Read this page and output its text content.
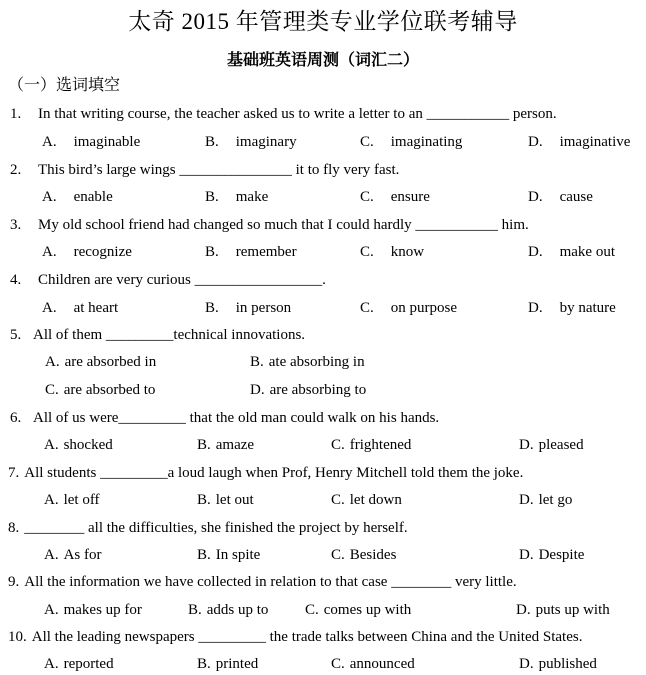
太奇 2015 年管理类专业学位联考辅导
基础班英语周测（词汇二）
（一）选词填空
1. In that writing course, the teacher asked us to write a letter to an ___________ person.
A. imaginable	B. imaginary	C. imaginating	D. imaginative
2. This bird’s large wings _______________ it to fly very fast.
A. enable	B. make	C. ensure	D. cause
3. My old school friend had changed so much that I could hardly ___________ him.
A. recognize	B. remember	C. know	D. make out
4. Children are very curious _________________.
A. at heart	B. in person	C. on purpose	D. by nature
5. All of them _________technical innovations.
A. are absorbed in	B. ate absorbing in
C. are absorbed to	D. are absorbing to
6. All of us were_________ that the old man could walk on his hands.
A. shocked	B. amaze	C. frightened	D. pleased
7. All students _________a loud laugh when Prof, Henry Mitchell told them the joke.
A. let off	B. let out	C. let down	D. let go
8. ________ all the difficulties, she finished the project by herself.
A. As for	B. In spite	C. Besides	D. Despite
9. All the information we have collected in relation to that case ________ very little.
A. makes up for	B. adds up to C. comes up with	D. puts up with
10. All the leading newspapers _________ the trade talks between China and the United States.
A. reported	B. printed	C. announced	D. published
